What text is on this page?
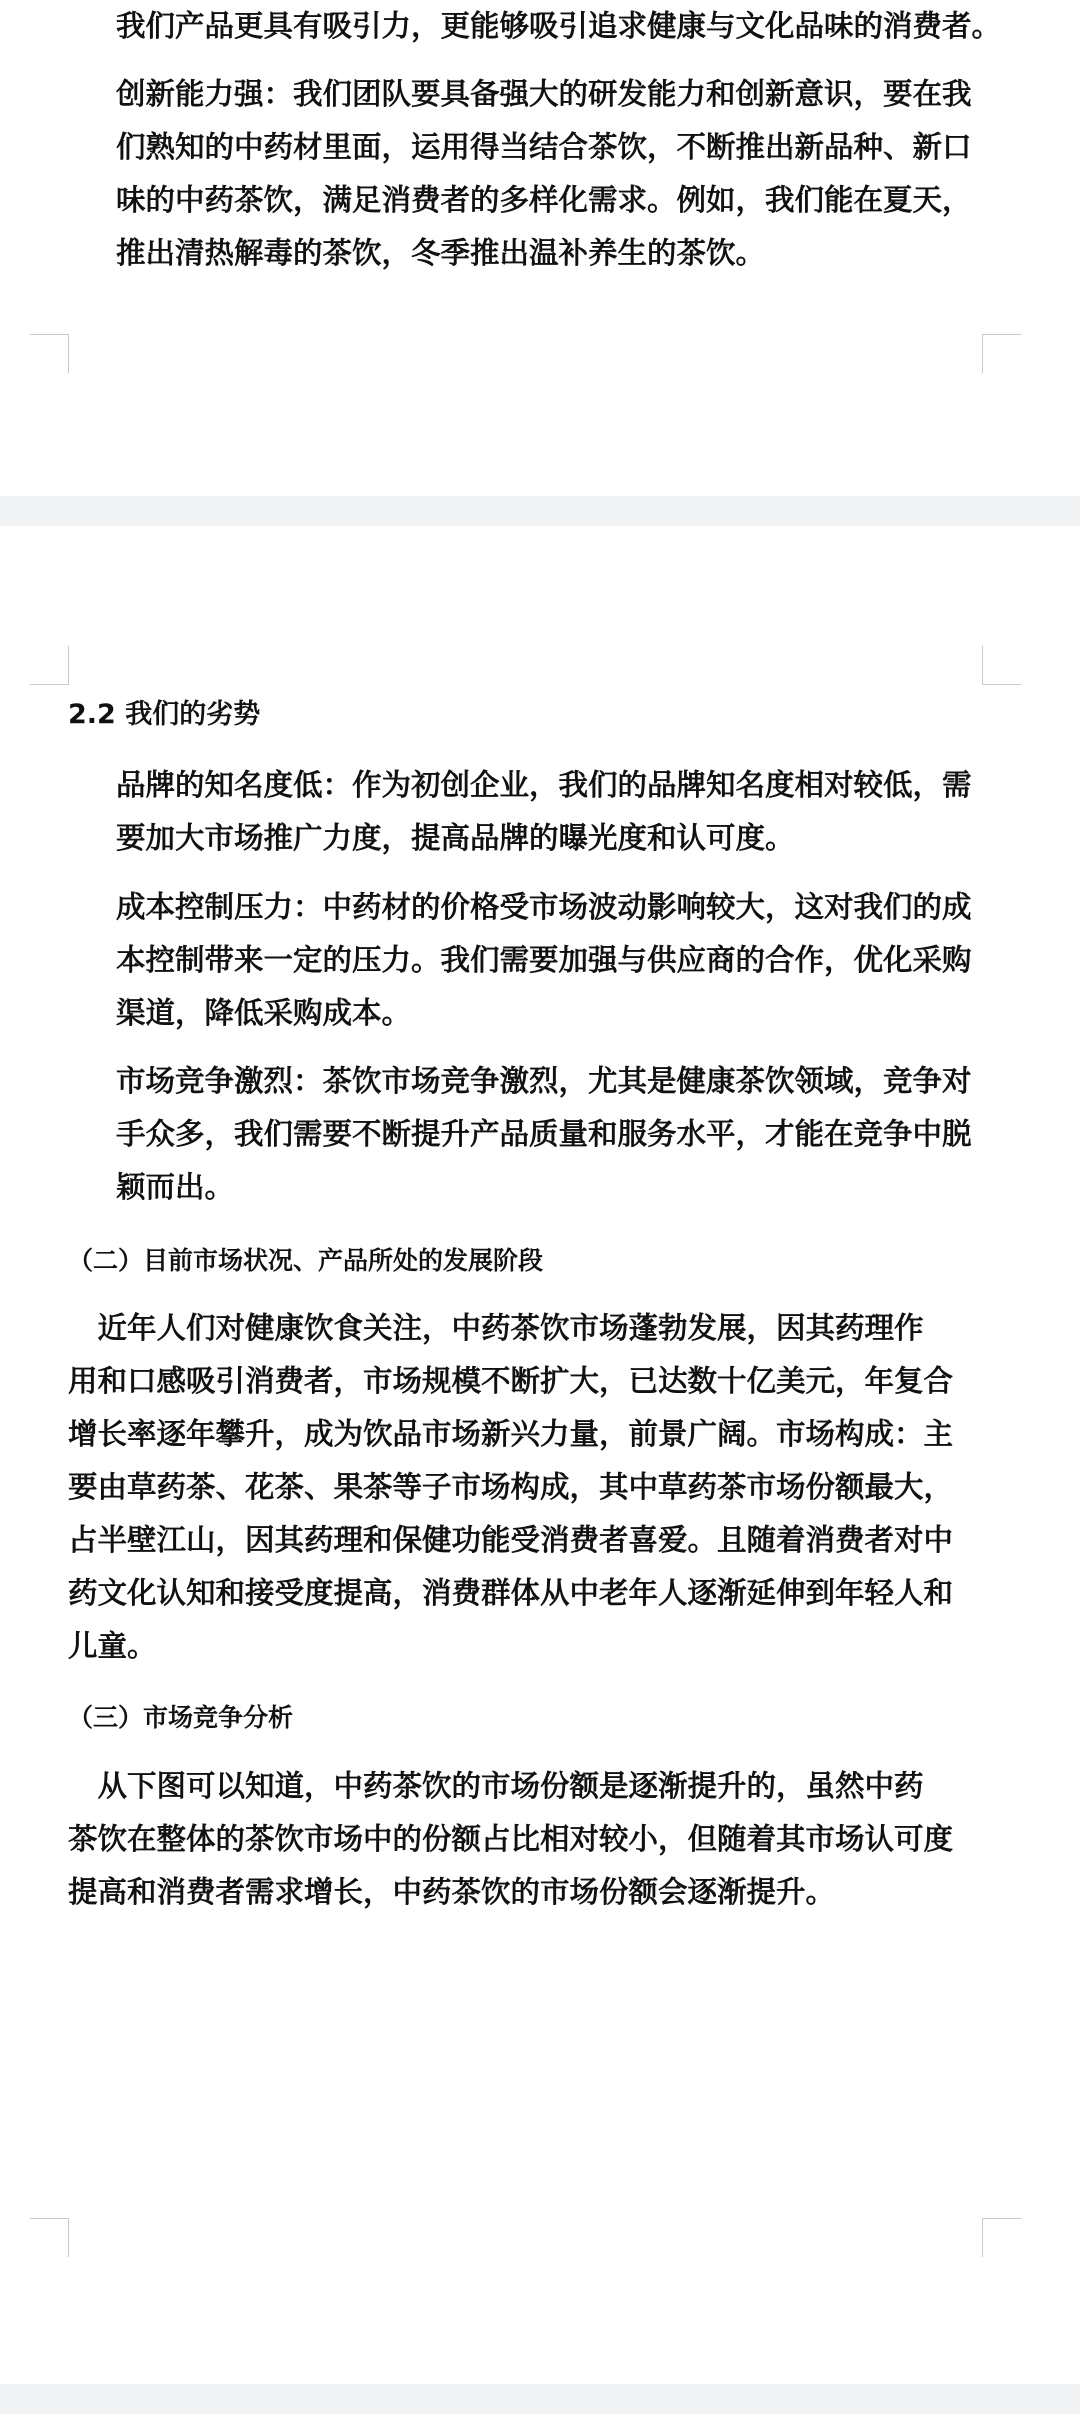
我们产品更具有吸引力，更能够吸引追求健康与文化品味的消费者。
创新能力强：我们团队要具备强大的研发能力和创新意识，要在我
们熟知的中药材里面，运用得当结合茶饮，不断推出新品种、新口
味的中药茶饮，满足消费者的多样化需求。例如，我们能在夏天，
推出清热解毒的茶饮，冬季推出温补养生的茶饮。
2.2 我们的劣势
品牌的知名度低：作为初创企业，我们的品牌知名度相对较低，需
要加大市场推广力度，提高品牌的曝光度和认可度。
成本控制压力：中药材的价格受市场波动影响较大，这对我们的成
本控制带来一定的压力。我们需要加强与供应商的合作，优化采购
渠道，降低采购成本。
市场竞争激烈：茶饮市场竞争激烈，尤其是健康茶饮领域，竞争对
手众多，我们需要不断提升产品质量和服务水平，才能在竞争中脱
颖而出。
（二）目前市场状况、产品所处的发展阶段
　近年人们对健康饮食关注，中药茶饮市场蓬勃发展，因其药理作
用和口感吸引消费者，市场规模不断扩大，已达数十亿美元，年复合
增长率逐年攀升，成为饮品市场新兴力量，前景广阔。市场构成：主
要由草药茶、花茶、果茶等子市场构成，其中草药茶市场份额最大，
占半壁江山，因其药理和保健功能受消费者喜爱。且随着消费者对中
药文化认知和接受度提高，消费群体从中老年人逐渐延伸到年轻人和
儿童。
（三）市场竞争分析
　从下图可以知道，中药茶饮的市场份额是逐渐提升的，虽然中药
茶饮在整体的茶饮市场中的份额占比相对较小，但随着其市场认可度
提高和消费者需求增长，中药茶饮的市场份额会逐渐提升。
